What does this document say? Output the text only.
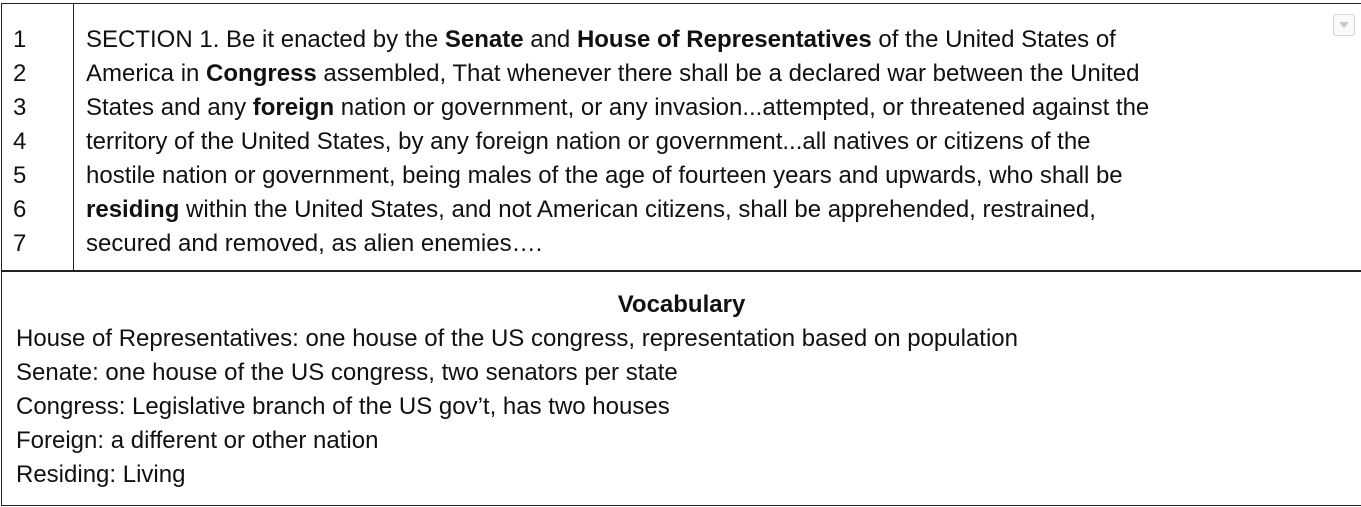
1
2
3
4
5
6
7
SECTION 1. Be it enacted by the Senate and House of Representatives of the United States of
America in Congress assembled, That whenever there shall be a declared war between the United
States and any foreign nation or government, or any invasion...attempted, or threatened against the
territory of the United States, by any foreign nation or government...all natives or citizens of the
hostile nation or government, being males of the age of fourteen years and upwards, who shall be
residing within the United States, and not American citizens, shall be apprehended, restrained,
secured and removed, as alien enemies….
Vocabulary
House of Representatives: one house of the US congress, representation based on population
Senate: one house of the US congress, two senators per state
Congress: Legislative branch of the US gov’t, has two houses
Foreign: a different or other nation
Residing: Living
